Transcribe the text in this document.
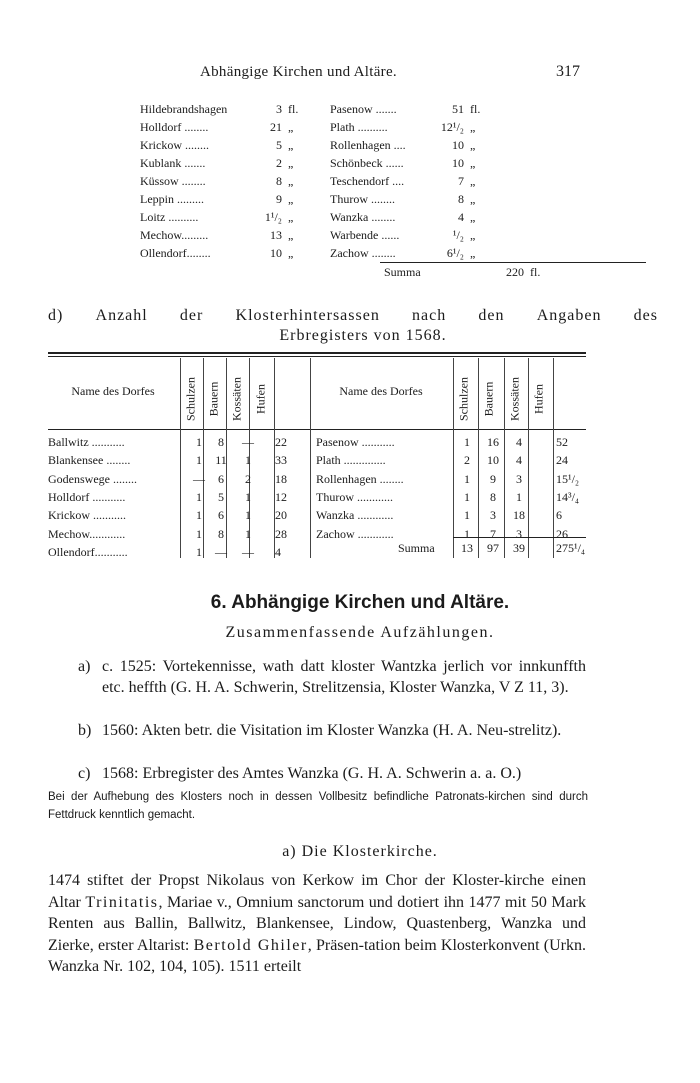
Abhängige Kirchen und Altäre.	317
Hildebrandshagen	3 fl.
Holldorf ........	21 „
Krickow ........	5 „
Kublank .......	2 „
Küssow ........	8 „
Leppin .........	9 „
Loitz ..........	1¹/₂ „
Mechow.........	13 „
Ollendorf........	10 „
Pasenow .......	51 fl.
Plath ..........	12¹/₂ „
Rollenhagen ....	10 „
Schönbeck ......	10 „
Teschendorf ....	7 „
Thurow ........	8 „
Wanzka ........	4 „
Warbende ......	¹/₂ „
Zachow ........	6¹/₂ „
Summa	220 fl.
d) Anzahl der Klosterhintersassen nach den Angaben des
Erbregisters von 1568.
Name des Dorfes	Name des Dorfes
Schulzen Bauern Kossäten Hufen	Schulzen Bauern Kossäten Hufen
Ballwitz ...........	1	8	—	22
Blankensee ........	1	11	1	33
Godenswege ........	—	6	2	18
Holldorf ...........	1	5	1	12
Krickow ...........	1	6	1	20
Mechow............	1	8	1	28
Ollendorf...........	1	—	—	4
Pasenow ...........	1	16	4	52
Plath ..............	2	10	4	24
Rollenhagen ........	1	9	3	15¹/₂
Thurow ............	1	8	1	14³/₄
Wanzka ............	1	3	18	6
Zachow ............	1	7	3	26
Summa	13	97	39	275¹/₄
6. Abhängige Kirchen und Altäre.
Zusammenfassende Aufzählungen.
a) c. 1525: Vortekennisse, wath datt kloster Wantzka jerlich vor innkunffth etc. heffth (G. H. A. Schwerin, Strelitzensia, Kloster Wanzka, V Z 11, 3).
b) 1560: Akten betr. die Visitation im Kloster Wanzka (H. A. Neu-strelitz).
c) 1568: Erbregister des Amtes Wanzka (G. H. A. Schwerin a. a. O.)
Bei der Aufhebung des Klosters noch in dessen Vollbesitz befindliche Patronats-kirchen sind durch Fettdruck kenntlich gemacht.
a) Die Klosterkirche.
1474 stiftet der Propst Nikolaus von Kerkow im Chor der Kloster-kirche einen Altar Trinitatis, Mariae v., Omnium sanctorum und dotiert ihn 1477 mit 50 Mark Renten aus Ballin, Ballwitz, Blankensee, Lindow, Quastenberg, Wanzka und Zierke, erster Altarist: Bertold Ghiler, Präsen-tation beim Klosterkonvent (Urkn. Wanzka Nr. 102, 104, 105). 1511 erteilt
